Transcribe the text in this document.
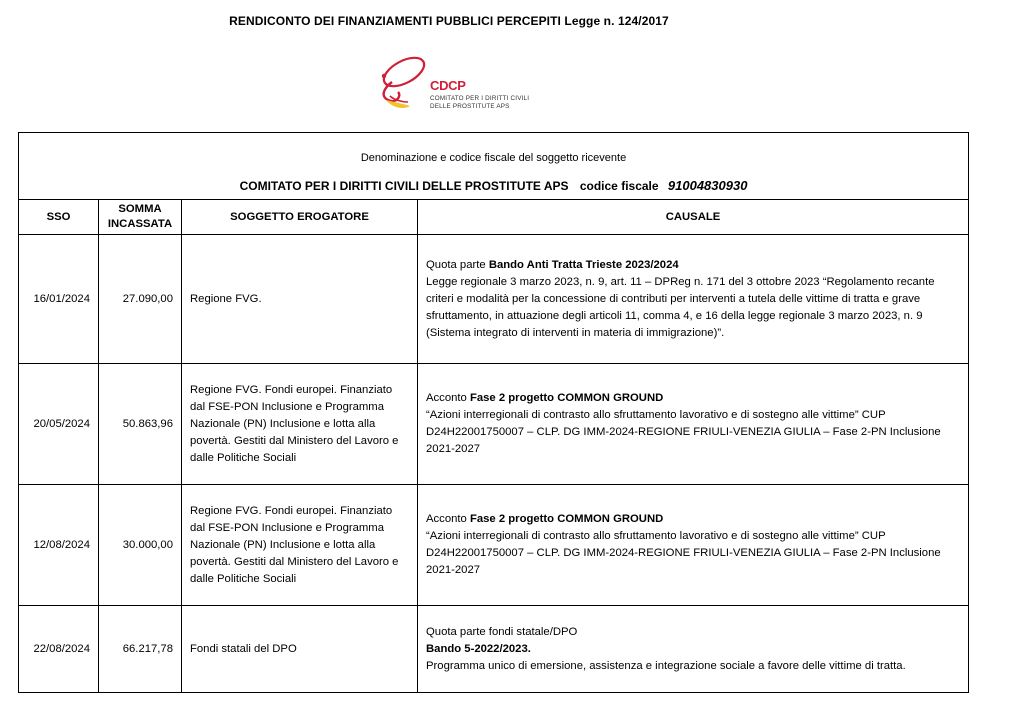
RENDICONTO DEI FINANZIAMENTI PUBBLICI PERCEPITI Legge n. 124/2017
CDCP
COMITATO PER I DIRITTI CIVILI
DELLE PROSTITUTE APS
Denominazione e codice fiscale del soggetto ricevente
COMITATO PER I DIRITTI CIVILI DELLE PROSTITUTE APS codice fiscale 91004830930			

SSO	SOMMA INCASSATA	SOGGETTO EROGATORE	CAUSALE
16/01/2024	27.090,00	Regione FVG.	Quota parte Bando Anti Tratta Trieste 2023/2024
Legge regionale 3 marzo 2023, n. 9, art. 11 – DPReg n. 171 del 3 ottobre 2023 “Regolamento recante criteri e modalità per la concessione di contributi per interventi a tutela delle vittime di tratta e grave sfruttamento, in attuazione degli articoli 11, comma 4, e 16 della legge regionale 3 marzo 2023, n. 9 (Sistema integrato di interventi in materia di immigrazione)”.
20/05/2024	50.863,96	Regione FVG. Fondi europei. Finanziato dal FSE-PON Inclusione e Programma Nazionale (PN) Inclusione e lotta alla povertà. Gestiti dal Ministero del Lavoro e dalle Politiche Sociali	Acconto Fase 2 progetto COMMON GROUND
“Azioni interregionali di contrasto allo sfruttamento lavorativo e di sostegno alle vittime” CUP D24H22001750007 – CLP. DG IMM-2024-REGIONE FRIULI-VENEZIA GIULIA – Fase 2-PN Inclusione 2021-2027
12/08/2024	30.000,00	Regione FVG. Fondi europei. Finanziato dal FSE-PON Inclusione e Programma Nazionale (PN) Inclusione e lotta alla povertà. Gestiti dal Ministero del Lavoro e dalle Politiche Sociali	Acconto Fase 2 progetto COMMON GROUND
“Azioni interregionali di contrasto allo sfruttamento lavorativo e di sostegno alle vittime” CUP D24H22001750007 – CLP. DG IMM-2024-REGIONE FRIULI-VENEZIA GIULIA – Fase 2-PN Inclusione 2021-2027
22/08/2024	66.217,78	Fondi statali del DPO	Quota parte fondi statale/DPO
Bando 5-2022/2023.
Programma unico di emersione, assistenza e integrazione sociale a favore delle vittime di tratta.
